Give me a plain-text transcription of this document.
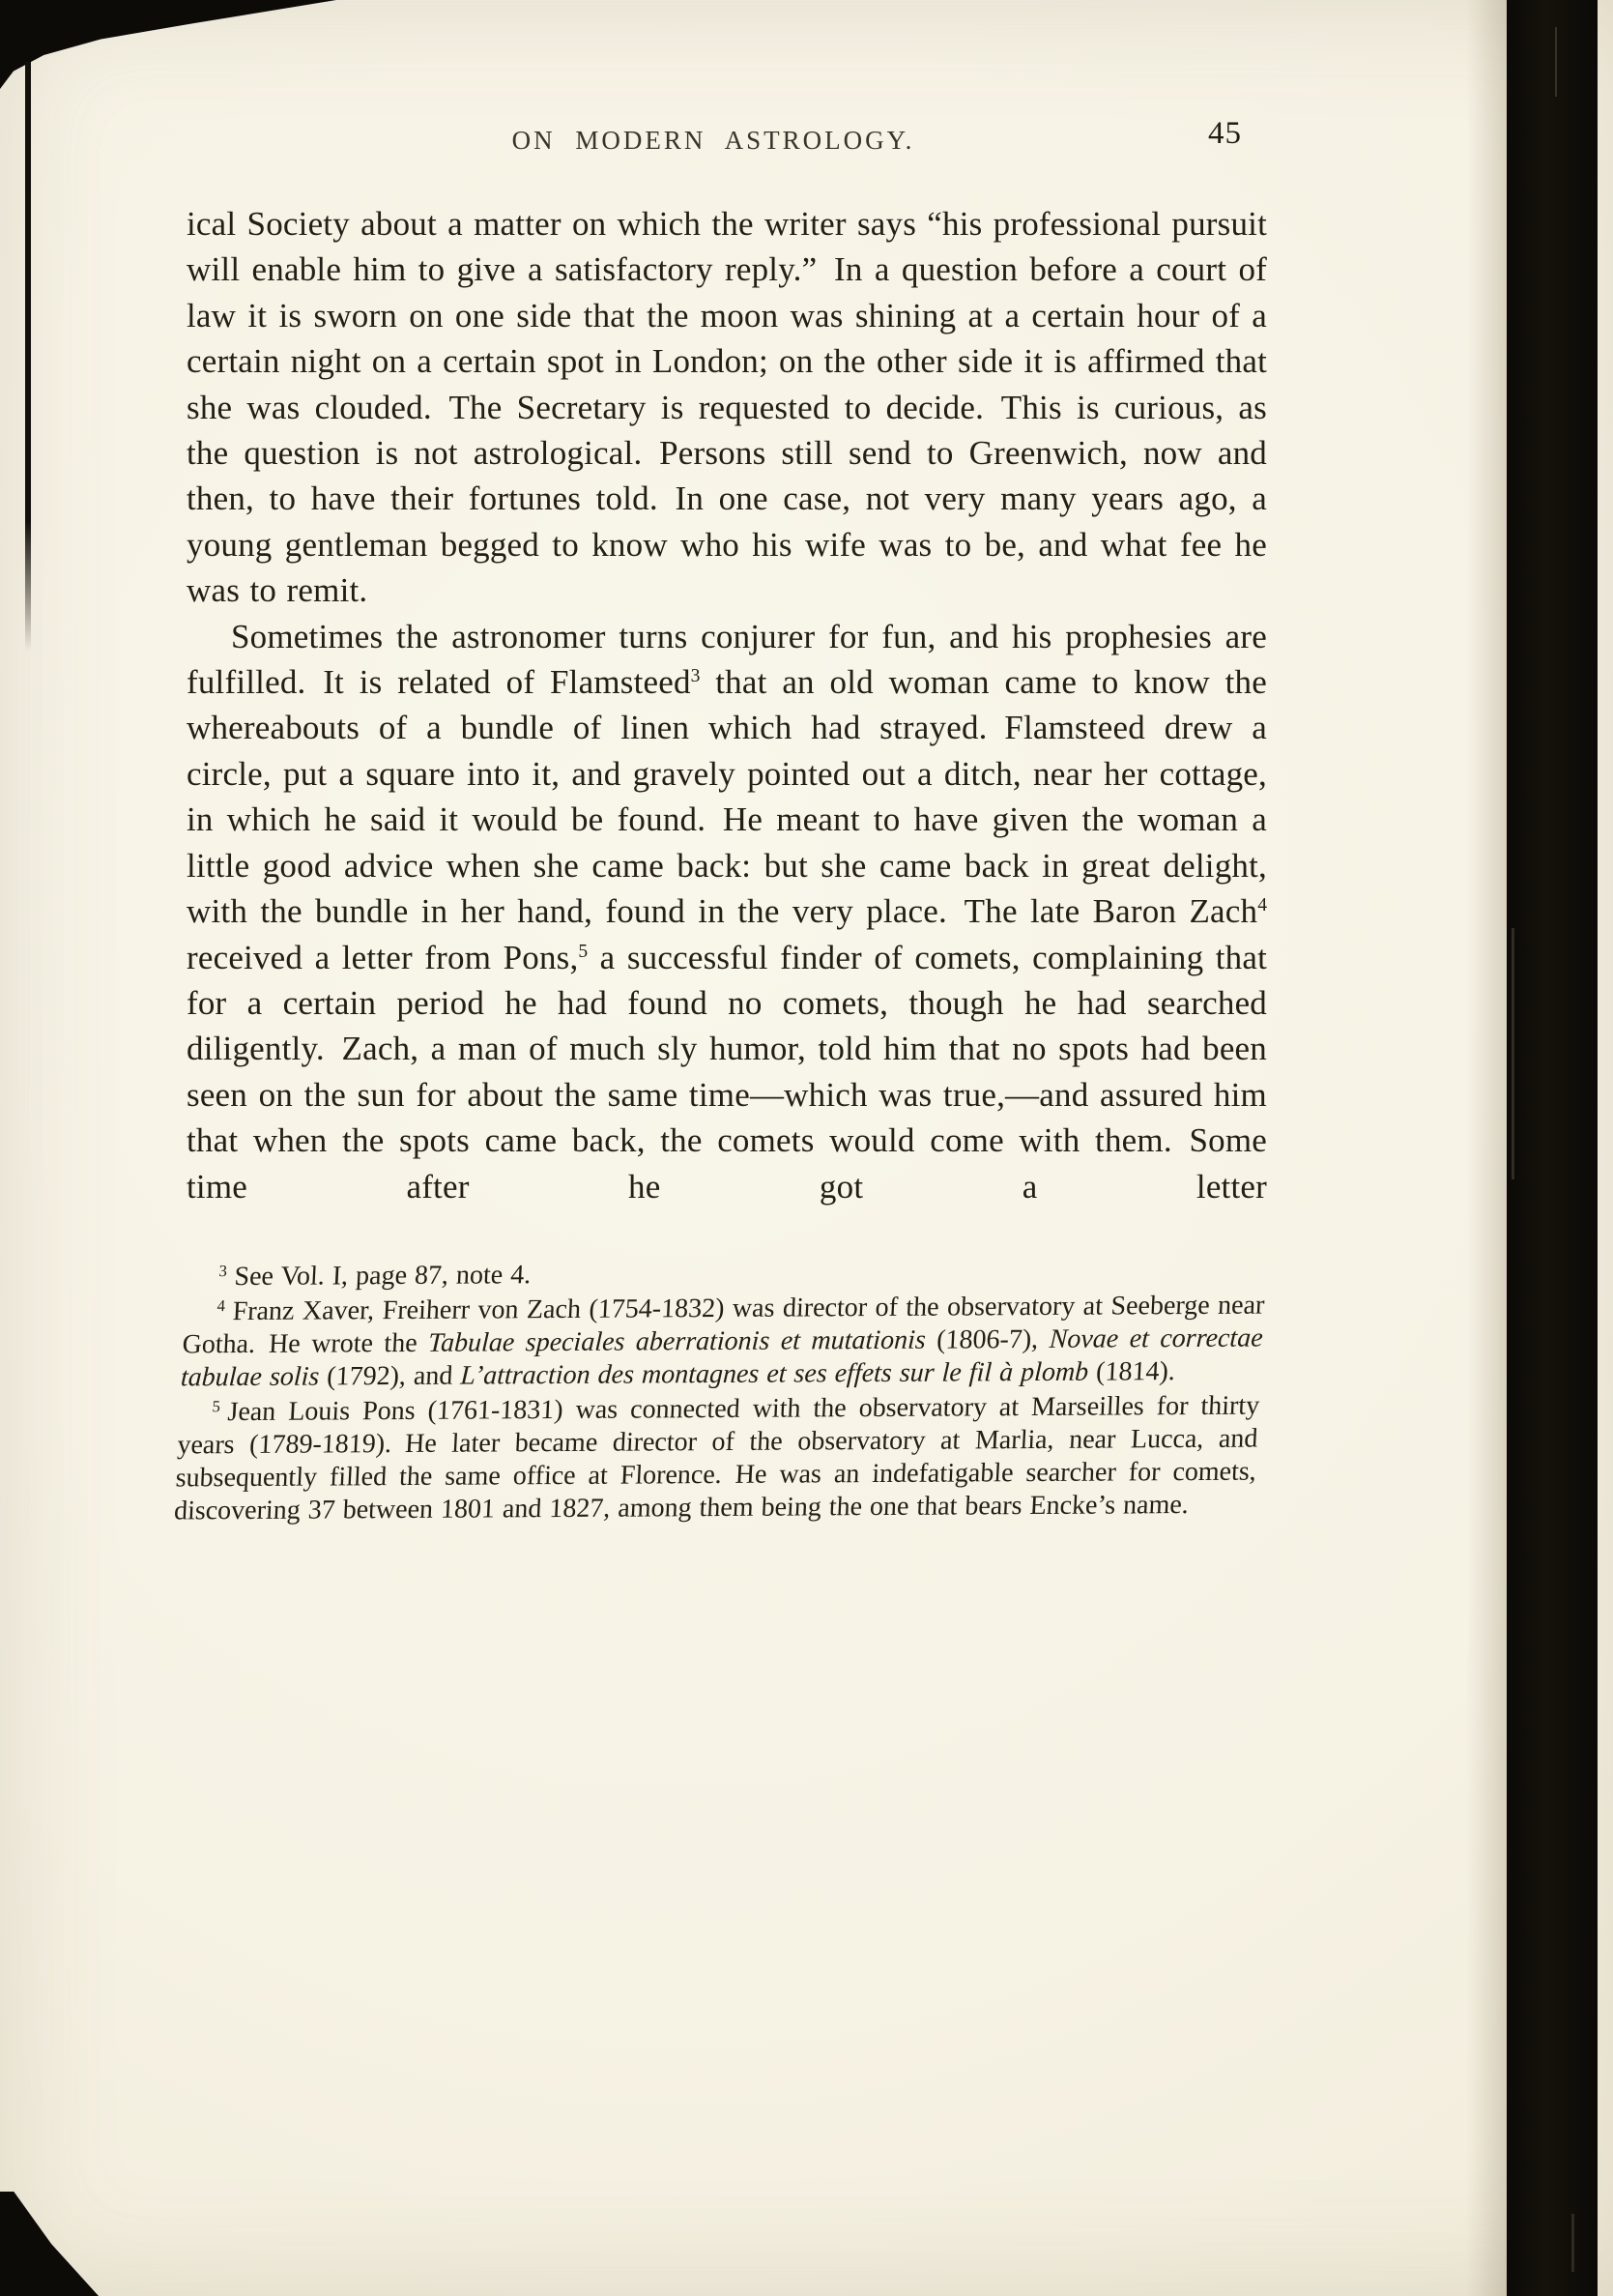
ON MODERN ASTROLOGY.	45

ical Society about a matter on which the writer says “his professional pursuit will enable him to give a satisfactory reply.” In a question before a court of law it is sworn on one side that the moon was shining at a certain hour of a certain night on a certain spot in London; on the other side it is affirmed that she was clouded. The Secretary is requested to decide. This is curious, as the question is not astrological. Persons still send to Greenwich, now and then, to have their fortunes told. In one case, not very many years ago, a young gentleman begged to know who his wife was to be, and what fee he was to remit.

Sometimes the astronomer turns conjurer for fun, and his prophesies are fulfilled. It is related of Flamsteed$^3$ that an old woman came to know the whereabouts of a bundle of linen which had strayed. Flamsteed drew a circle, put a square into it, and gravely pointed out a ditch, near her cottage, in which he said it would be found. He meant to have given the woman a little good advice when she came back: but she came back in great delight, with the bundle in her hand, found in the very place. The late Baron Zach$^4$ received a letter from Pons,$^5$ a successful finder of comets, complaining that for a certain period he had found no comets, though he had searched diligently. Zach, a man of much sly humor, told him that no spots had been seen on the sun for about the same time—which was true,—and assured him that when the spots came back, the comets would come with them. Some time after he got a letter

$^3$ See Vol. I, page 87, note 4.

$^4$ Franz Xaver, Freiherr von Zach (1754-1832) was director of the observatory at Seeberge near Gotha. He wrote the Tabulae speciales aberrationis et mutationis (1806-7), Novae et correctae tabulae solis (1792), and L’attraction des montagnes et ses effets sur le fil à plomb (1814).

$^5$ Jean Louis Pons (1761-1831) was connected with the observatory at Marseilles for thirty years (1789-1819). He later became director of the observatory at Marlia, near Lucca, and subsequently filled the same office at Florence. He was an indefatigable searcher for comets, discovering 37 between 1801 and 1827, among them being the one that bears Encke’s name.
